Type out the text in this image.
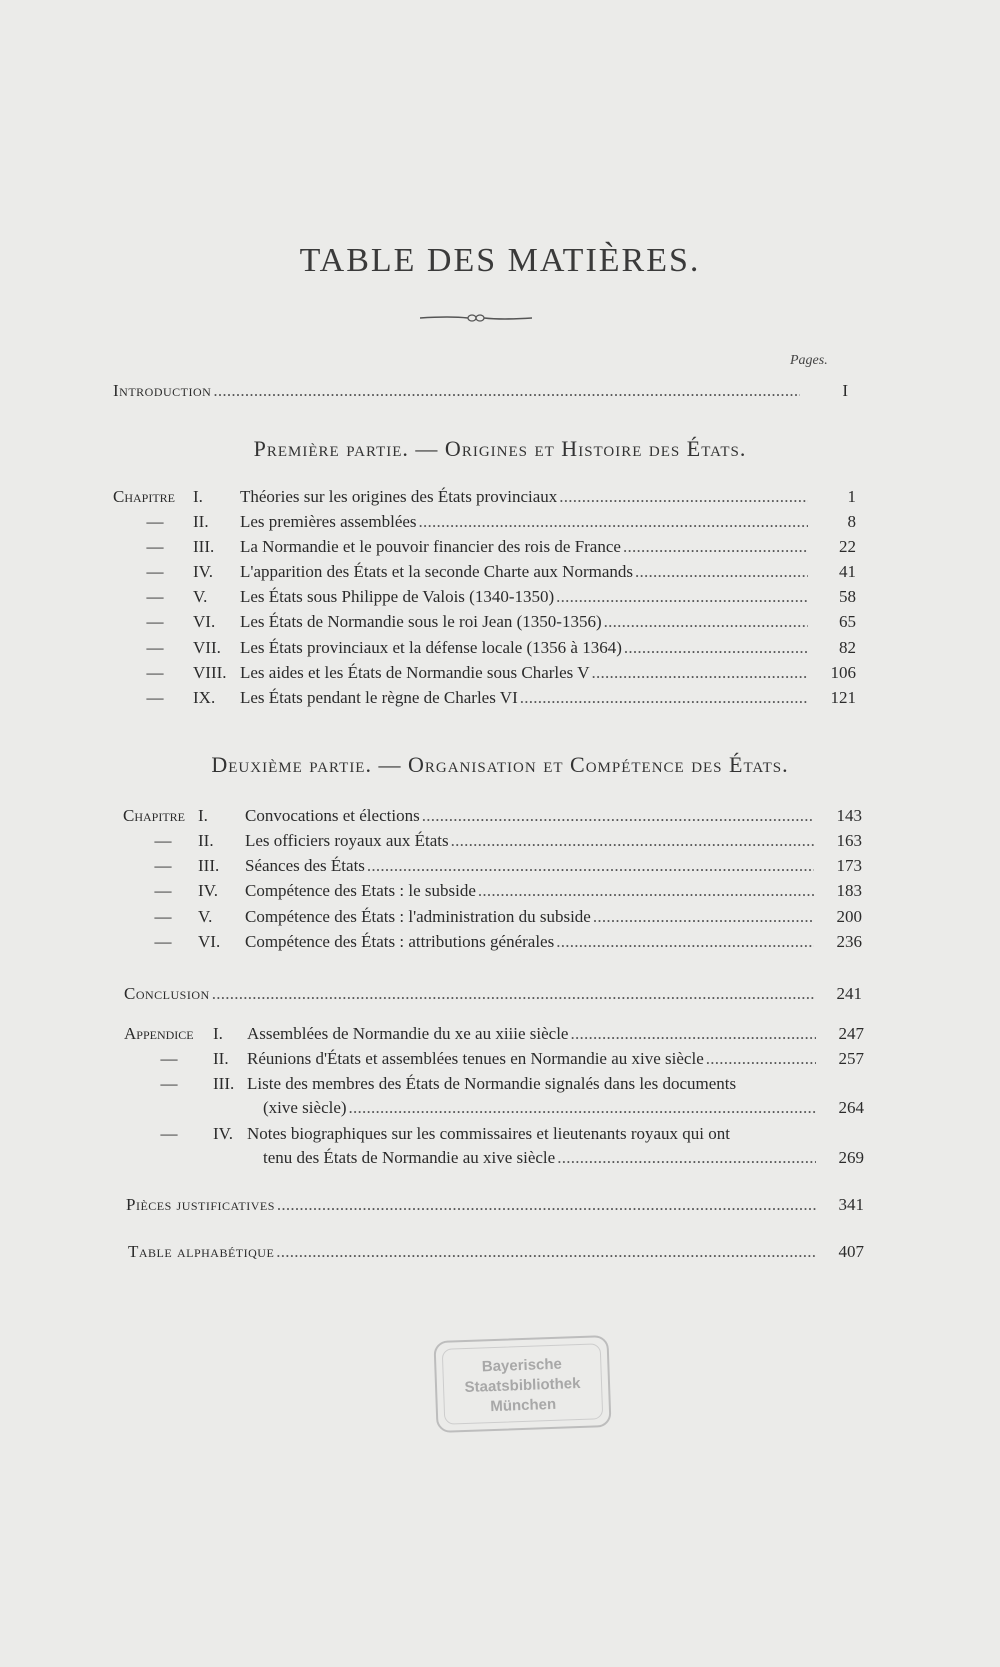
TABLE DES MATIÈRES.
Pages.
Introduction . . .	I
Première partie. — Origines et Histoire des États.
Chapitre	I.	Théories sur les origines des États provinciaux . . .	1
—	II.	Les premières assemblées . . .	8
—	III.	La Normandie et le pouvoir financier des rois de France . . .	22
—	IV.	L'apparition des États et la seconde Charte aux Normands . . .	41
—	V.	Les États sous Philippe de Valois (1340-1350) . . .	58
—	VI.	Les États de Normandie sous le roi Jean (1350-1356) . . .	65
—	VII.	Les États provinciaux et la défense locale (1356 à 1364) . . .	82
—	VIII. Les aides et les États de Normandie sous Charles V . . .	106
—	IX.	Les États pendant le règne de Charles VI . . .	121
Deuxième partie. — Organisation et Compétence des États.
Chapitre I.	Convocations et élections . . .	143
—	II.	Les officiers royaux aux États . . .	163
—	III.	Séances des États . . .	173
—	IV.	Compétence des Etats : le subside . . .	183
—	V.	Compétence des États : l'administration du subside . . .	200
—	VI.	Compétence des États : attributions générales . . .	236
Conclusion . . .	241
Appendice	I.	Assemblées de Normandie du xe au xiiie siècle . . .	247
—	II.	Réunions d'États et assemblées tenues en Normandie au xive siècle . . .	257
—	III. Liste des membres des États de Normandie signalés dans les documents
(xive siècle) . . .	264
—	IV. Notes biographiques sur les commissaires et lieutenants royaux qui ont
tenu des États de Normandie au xive siècle . . .	269
Pièces justificatives . . .	341
Table alphabétique . . .	407
Bayerische
Staatsbibliothek
München
